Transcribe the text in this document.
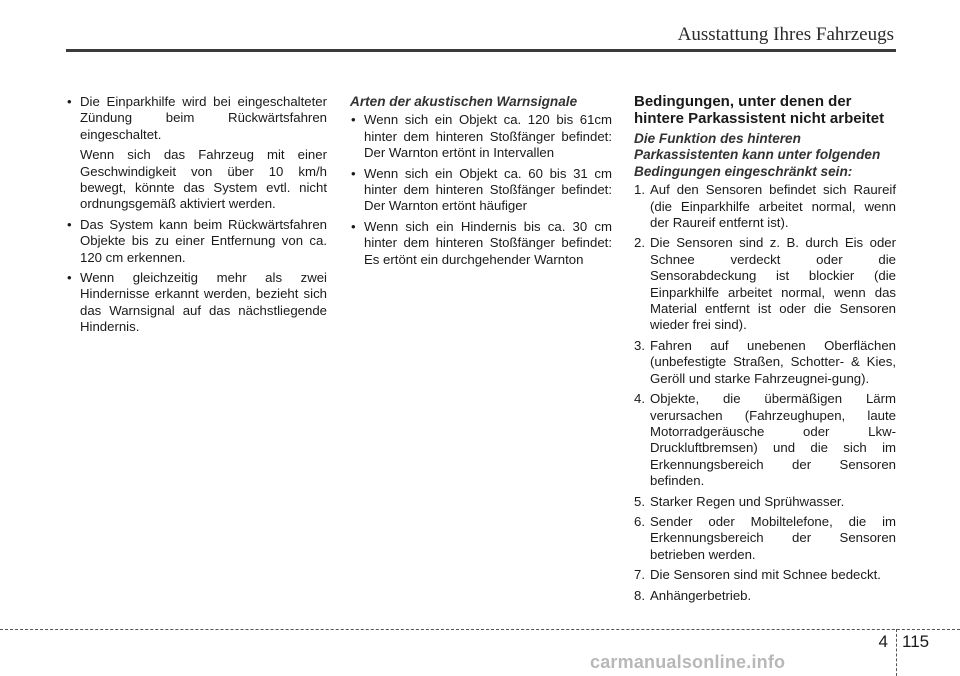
Ausstattung Ihres Fahrzeugs
• Die Einparkhilfe wird bei eingeschalteter Zündung beim Rückwärtsfahren eingeschaltet.

Wenn sich das Fahrzeug mit einer Geschwindigkeit von über 10 km/h bewegt, könnte das System evtl. nicht ordnungsgemäß aktiviert werden.

• Das System kann beim Rückwärtsfahren Objekte bis zu einer Entfernung von ca. 120 cm erkennen.
• Wenn gleichzeitig mehr als zwei Hindernisse erkannt werden, bezieht sich das Warnsignal auf das nächstliegende Hindernis.
Arten der akustischen Warnsignale
• Wenn sich ein Objekt ca. 120 bis 61cm hinter dem hinteren Stoßfänger befindet: Der Warnton ertönt in Intervallen
• Wenn sich ein Objekt ca. 60 bis 31 cm hinter dem hinteren Stoßfänger befindet: Der Warnton ertönt häufiger
• Wenn sich ein Hindernis bis ca. 30 cm hinter dem hinteren Stoßfänger befindet: Es ertönt ein durchgehender Warnton
Bedingungen, unter denen der hintere Parkassistent nicht arbeitet
Die Funktion des hinteren Parkassistenten kann unter folgenden Bedingungen eingeschränkt sein:
1. Auf den Sensoren befindet sich Raureif (die Einparkhilfe arbeitet normal, wenn der Raureif entfernt ist).
2. Die Sensoren sind z. B. durch Eis oder Schnee verdeckt oder die Sensorabdeckung ist blockier (die Einparkhilfe arbeitet normal, wenn das Material entfernt ist oder die Sensoren wieder frei sind).
3. Fahren auf unebenen Oberflächen (unbefestigte Straßen, Schotter- & Kies, Geröll und starke Fahrzeugnei-gung).
4. Objekte, die übermäßigen Lärm verursachen (Fahrzeughupen, laute Motorradgeräusche oder Lkw-Druckluftbremsen) und die sich im Erkennungsbereich der Sensoren befinden.
5. Starker Regen und Sprühwasser.
6. Sender oder Mobiltelefone, die im Erkennungsbereich der Sensoren betrieben werden.
7. Die Sensoren sind mit Schnee bedeckt.
8. Anhängerbetrieb.
4 115
carmanualsonline.info
